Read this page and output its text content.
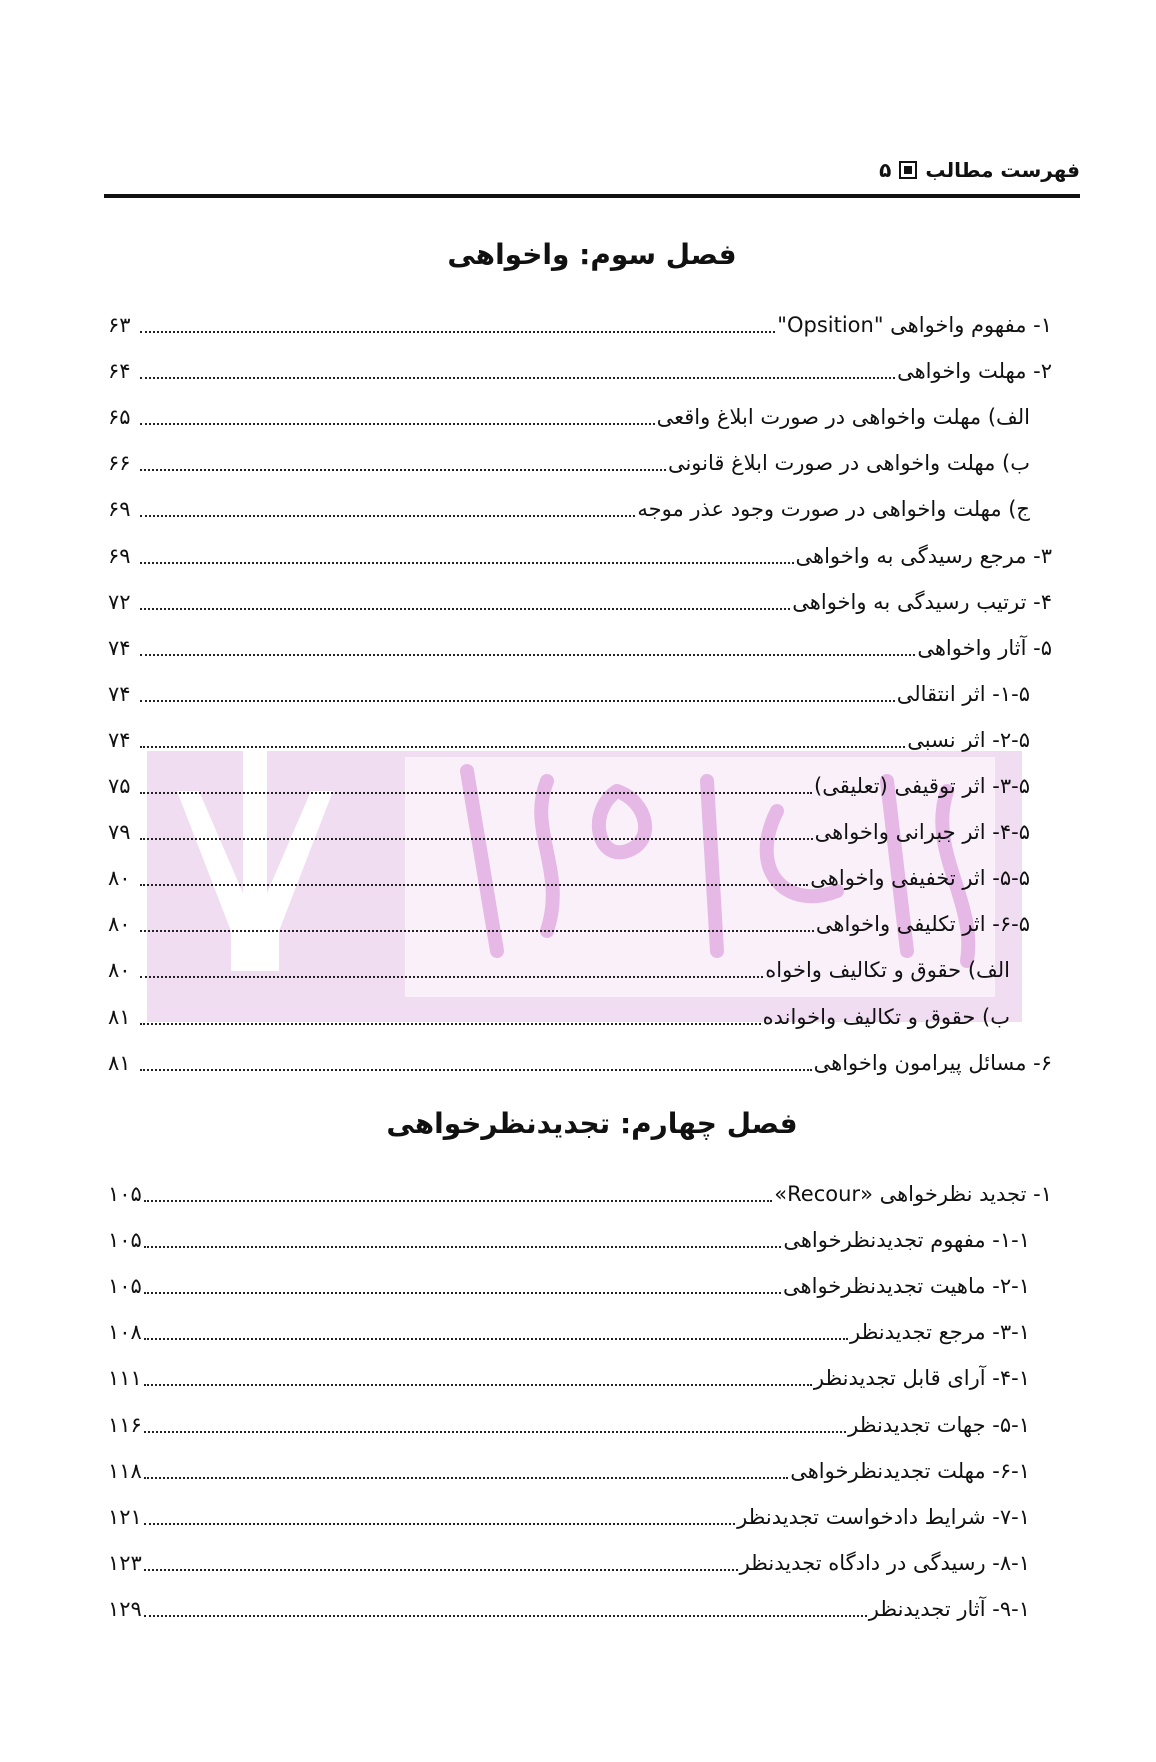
فهرست مطالب
۵
فصل سوم: واخواهی
۱- مفهوم واخواهی "Opsition"
۶۳
۲- مهلت واخواهی
۶۴
الف) مهلت واخواهی در صورت ابلاغ واقعی
۶۵
ب) مهلت واخواهی در صورت ابلاغ قانونی
۶۶
ج) مهلت واخواهی در صورت وجود عذر موجه
۶۹
۳- مرجع رسیدگی به واخواهی
۶۹
۴- ترتیب رسیدگی به واخواهی
۷۲
۵- آثار واخواهی
۷۴
۱-۵- اثر انتقالی
۷۴
۲-۵- اثر نسبی
۷۴
۳-۵- اثر توقیفی (تعلیقی)
۷۵
۴-۵- اثر جبرانی واخواهی
۷۹
۵-۵- اثر تخفیفی واخواهی
۸۰
۶-۵- اثر تکلیفی واخواهی
۸۰
الف) حقوق و تکالیف واخواه
۸۰
ب) حقوق و تکالیف واخوانده
۸۱
۶- مسائل پیرامون واخواهی
۸۱
فصل چهارم: تجدیدنظرخواهی
۱- تجدید نظرخواهی «Recour»
۱۰۵
۱-۱- مفهوم تجدیدنظرخواهی
۱۰۵
۲-۱- ماهیت تجدیدنظرخواهی
۱۰۵
۳-۱- مرجع تجدیدنظر
۱۰۸
۴-۱- آرای قابل تجدیدنظر
۱۱۱
۵-۱- جهات تجدیدنظر
۱۱۶
۶-۱- مهلت تجدیدنظرخواهی
۱۱۸
۷-۱- شرایط دادخواست تجدیدنظر
۱۲۱
۸-۱- رسیدگی در دادگاه تجدیدنظر
۱۲۳
۹-۱- آثار تجدیدنظر
۱۲۹
